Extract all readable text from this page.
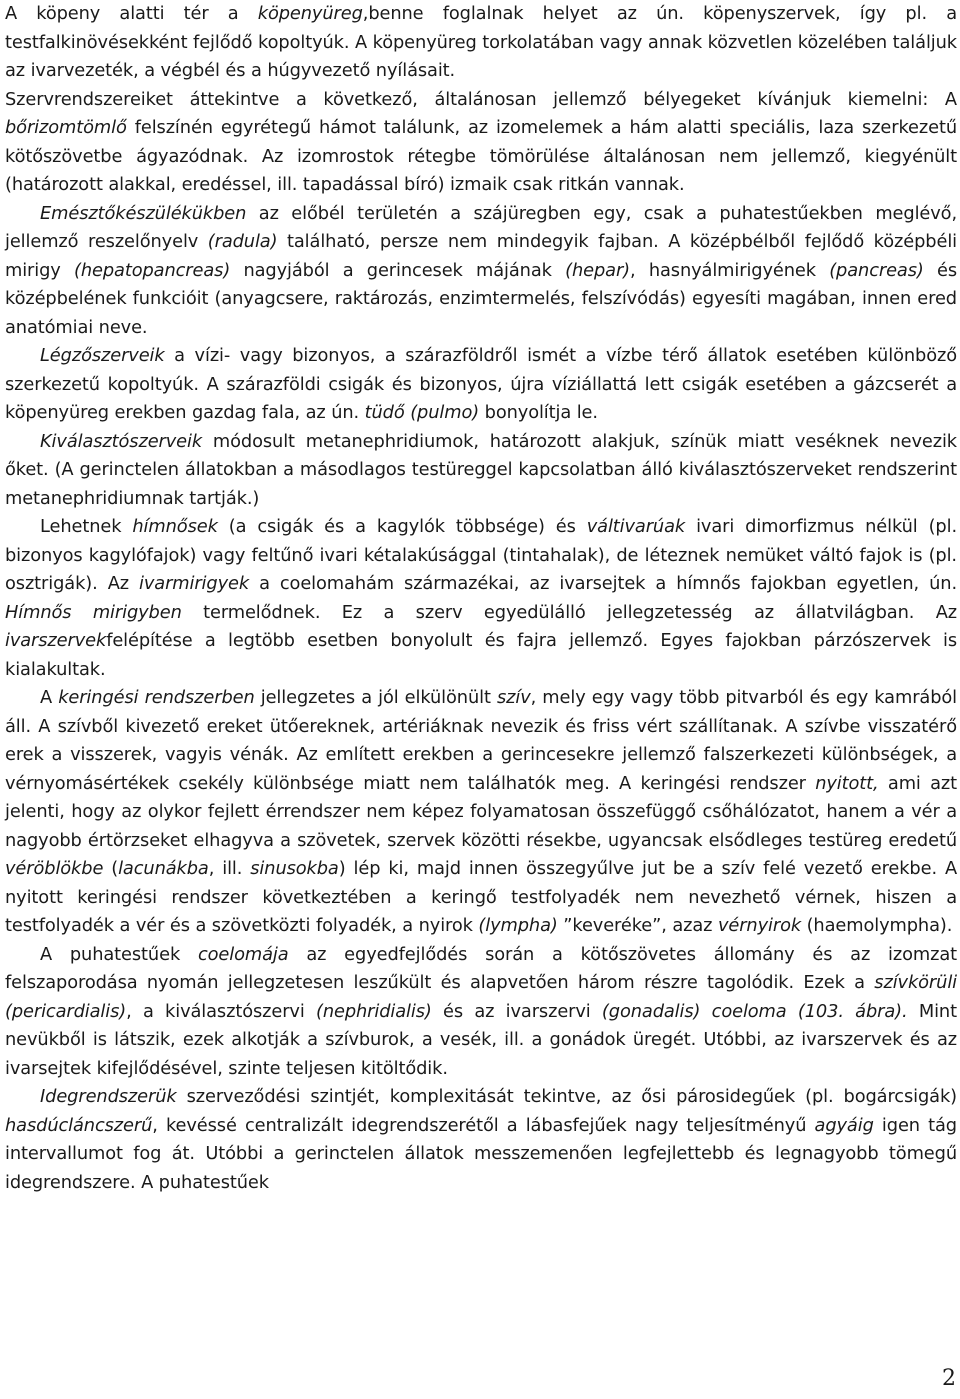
A köpeny alatti tér a köpenyüreg,benne foglalnak helyet az ún. köpenyszervek, így pl. a testfalkinövésekként fejlődő kopoltyúk. A köpenyüreg torkolatában vagy annak közvetlen közelében találjuk az ivarvezeték, a végbél és a húgyvezető nyílásait.

Szervrendszereiket áttekintve a következő, általánosan jellemző bélyegeket kívánjuk kiemelni: A bőrizomtömlő felszínén egyrétegű hámot találunk, az izomelemek a hám alatti speciális, laza szerkezetű kötőszövetbe ágyazódnak. Az izomrostok rétegbe tömörülése általánosan nem jellemző, kiegyénült (határozott alakkal, eredéssel, ill. tapadással bíró) izmaik csak ritkán vannak.

Emésztőkészülékükben az előbél területén a szájüregben egy, csak a puhatestűekben meglévő, jellemző reszelőnyelv (radula) található, persze nem mindegyik fajban. A középbélből fejlődő középbéli mirigy (hepatopancreas) nagyjából a gerincesek májának (hepar), hasnyálmirigyének (pancreas) és középbelének funkcióit (anyagcsere, raktározás, enzimtermelés, felszívódás) egyesíti magában, innen ered anatómiai neve.

Légzőszerveik a vízi- vagy bizonyos, a szárazföldről ismét a vízbe térő állatok esetében különböző szerkezetű kopoltyúk. A szárazföldi csigák és bizonyos, újra víziállattá lett csigák esetében a gázcserét a köpenyüreg erekben gazdag fala, az ún. tüdő (pulmo) bonyolítja le.

Kiválasztószerveik módosult metanephridiumok, határozott alakjuk, színük miatt veséknek nevezik őket. (A gerinctelen állatokban a másodlagos testüreggel kapcsolatban álló kiválasztószerveket rendszerint metanephridiumnak tartják.)

Lehetnek hímnősek (a csigák és a kagylók többsége) és váltivarúak ivari dimorfizmus nélkül (pl. bizonyos kagylófajok) vagy feltűnő ivari kétalakúsággal (tintahalak), de léteznek nemüket váltó fajok is (pl. osztrigák). Az ivarmirigyek a coelomahám származékai, az ivarsejtek a hímnős fajokban egyetlen, ún. Hímnős mirigyben termelődnek. Ez a szerv egyedülálló jellegzetesség az állatvilágban. Az ivarszervekfelépítése a legtöbb esetben bonyolult és fajra jellemző. Egyes fajokban párzószervek is kialakultak.

A keringési rendszerben jellegzetes a jól elkülönült szív, mely egy vagy több pitvarból és egy kamrából áll. A szívből kivezető ereket ütőereknek, artériáknak nevezik és friss vért szállítanak. A szívbe visszatérő erek a visszerek, vagyis vénák. Az említett erekben a gerincesekre jellemző falszerkezeti különbségek, a vérnyomásértékek csekély különbsége miatt nem találhatók meg. A keringési rendszer nyitott, ami azt jelenti, hogy az olykor fejlett érrendszer nem képez folyamatosan összefüggő csőhálózatot, hanem a vér a nagyobb értörzseket elhagyva a szövetek, szervek közötti résekbe, ugyancsak elsődleges testüreg eredetű véröblökbe (lacunákba, ill. sinusokba) lép ki, majd innen összegyűlve jut be a szív felé vezető erekbe. A nyitott keringési rendszer következtében a keringő testfolyadék nem nevezhető vérnek, hiszen a testfolyadék a vér és a szövetközti folyadék, a nyirok (lympha) ”keveréke”, azaz vérnyirok (haemolympha).

A puhatestűek coelomája az egyedfejlődés során a kötőszövetes állomány és az izomzat felszaporodása nyomán jellegzetesen leszűkült és alapvetően három részre tagolódik. Ezek a szívkörüli (pericardialis), a kiválasztószervi (nephridialis) és az ivarszervi (gonadalis) coeloma (103. ábra). Mint nevükből is látszik, ezek alkotják a szívburok, a vesék, ill. a gonádok üregét. Utóbbi, az ivarszervek és az ivarsejtek kifejlődésével, szinte teljesen kitöltődik.

Idegrendszerük szerveződési szintjét, komplexitását tekintve, az ősi párosidegűek (pl. bogárcsigák) hasdúcláncszerű, kevéssé centralizált idegrendszerétől a lábasfejűek nagy teljesítményű agyáig igen tág intervallumot fog át. Utóbbi a gerinctelen állatok messzemenően legfejlettebb és legnagyobb tömegű idegrendszere. A puhatestűek

2
